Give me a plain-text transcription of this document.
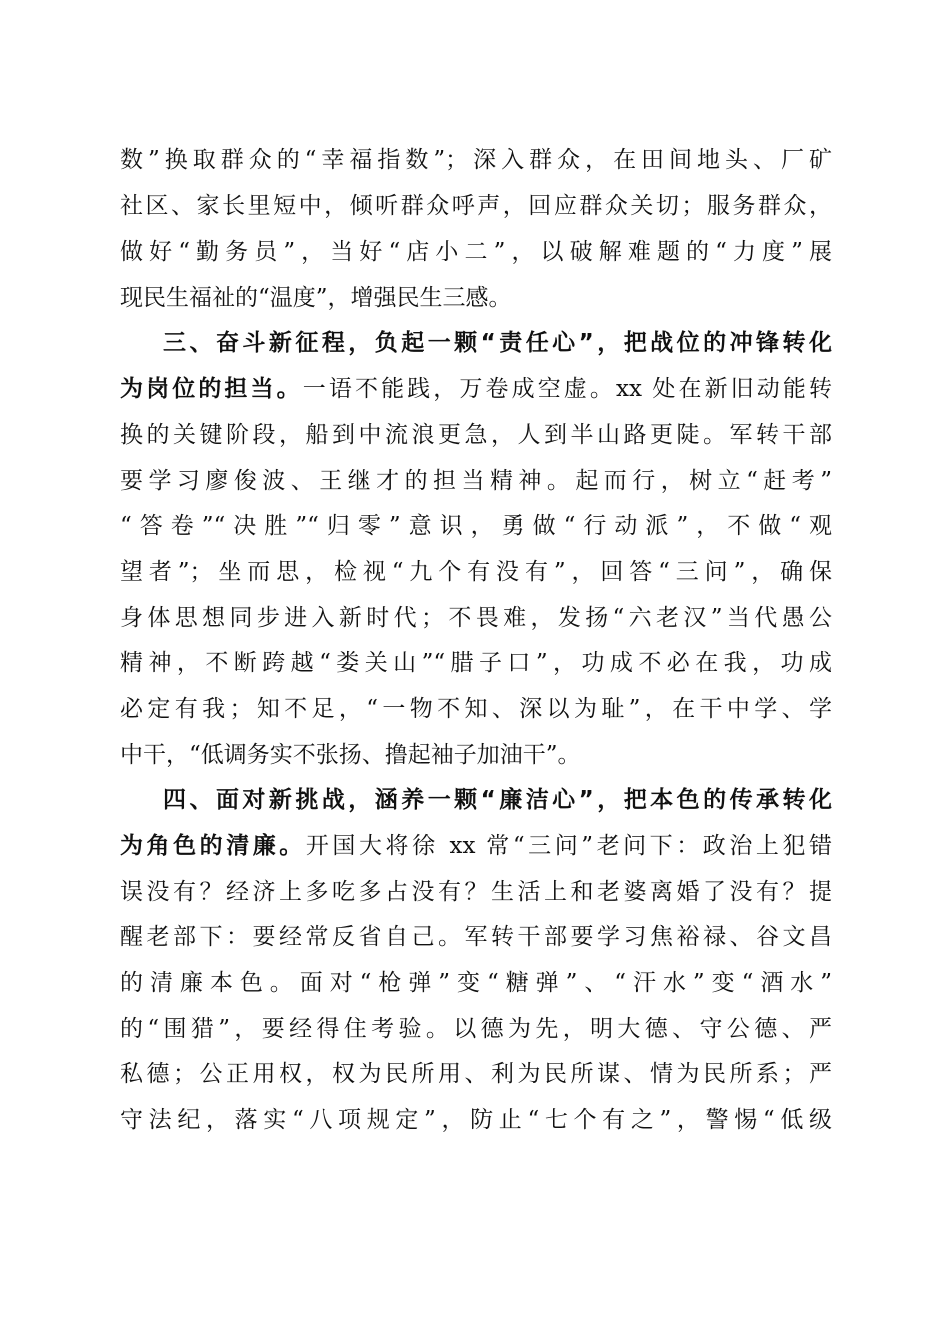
数”换取群众的“幸福指数”；深入群众，在田间地头、厂矿
社区、家长里短中，倾听群众呼声，回应群众关切；服务群众，
做好“勤务员”，当好“店小二”，以破解难题的“力度”展
现民生福祉的“温度”，增强民生三感。
三、奋斗新征程，负起一颗“责任心”，把战位的冲锋转化
为岗位的担当。一语不能践，万卷成空虚。xx 处在新旧动能转
换的关键阶段，船到中流浪更急，人到半山路更陡。军转干部
要学习廖俊波、王继才的担当精神。起而行，树立“赶考”
“答卷”“决胜”“归零”意识，勇做“行动派”，不做“观
望者”；坐而思，检视“九个有没有”，回答“三问”，确保
身体思想同步进入新时代；不畏难，发扬“六老汉”当代愚公
精神，不断跨越“娄关山”“腊子口”，功成不必在我，功成
必定有我；知不足，“一物不知、深以为耻”，在干中学、学
中干，“低调务实不张扬、撸起袖子加油干”。
四、面对新挑战，涵养一颗“廉洁心”，把本色的传承转化
为角色的清廉。开国大将徐 xx 常“三问”老问下：政治上犯错
误没有？经济上多吃多占没有？生活上和老婆离婚了没有？提
醒老部下：要经常反省自己。军转干部要学习焦裕禄、谷文昌
的清廉本色。面对“枪弹”变“糖弹”、“汗水”变“酒水”
的“围猎”，要经得住考验。以德为先，明大德、守公德、严
私德；公正用权，权为民所用、利为民所谋、情为民所系；严
守法纪，落实“八项规定”，防止“七个有之”，警惕“低级
